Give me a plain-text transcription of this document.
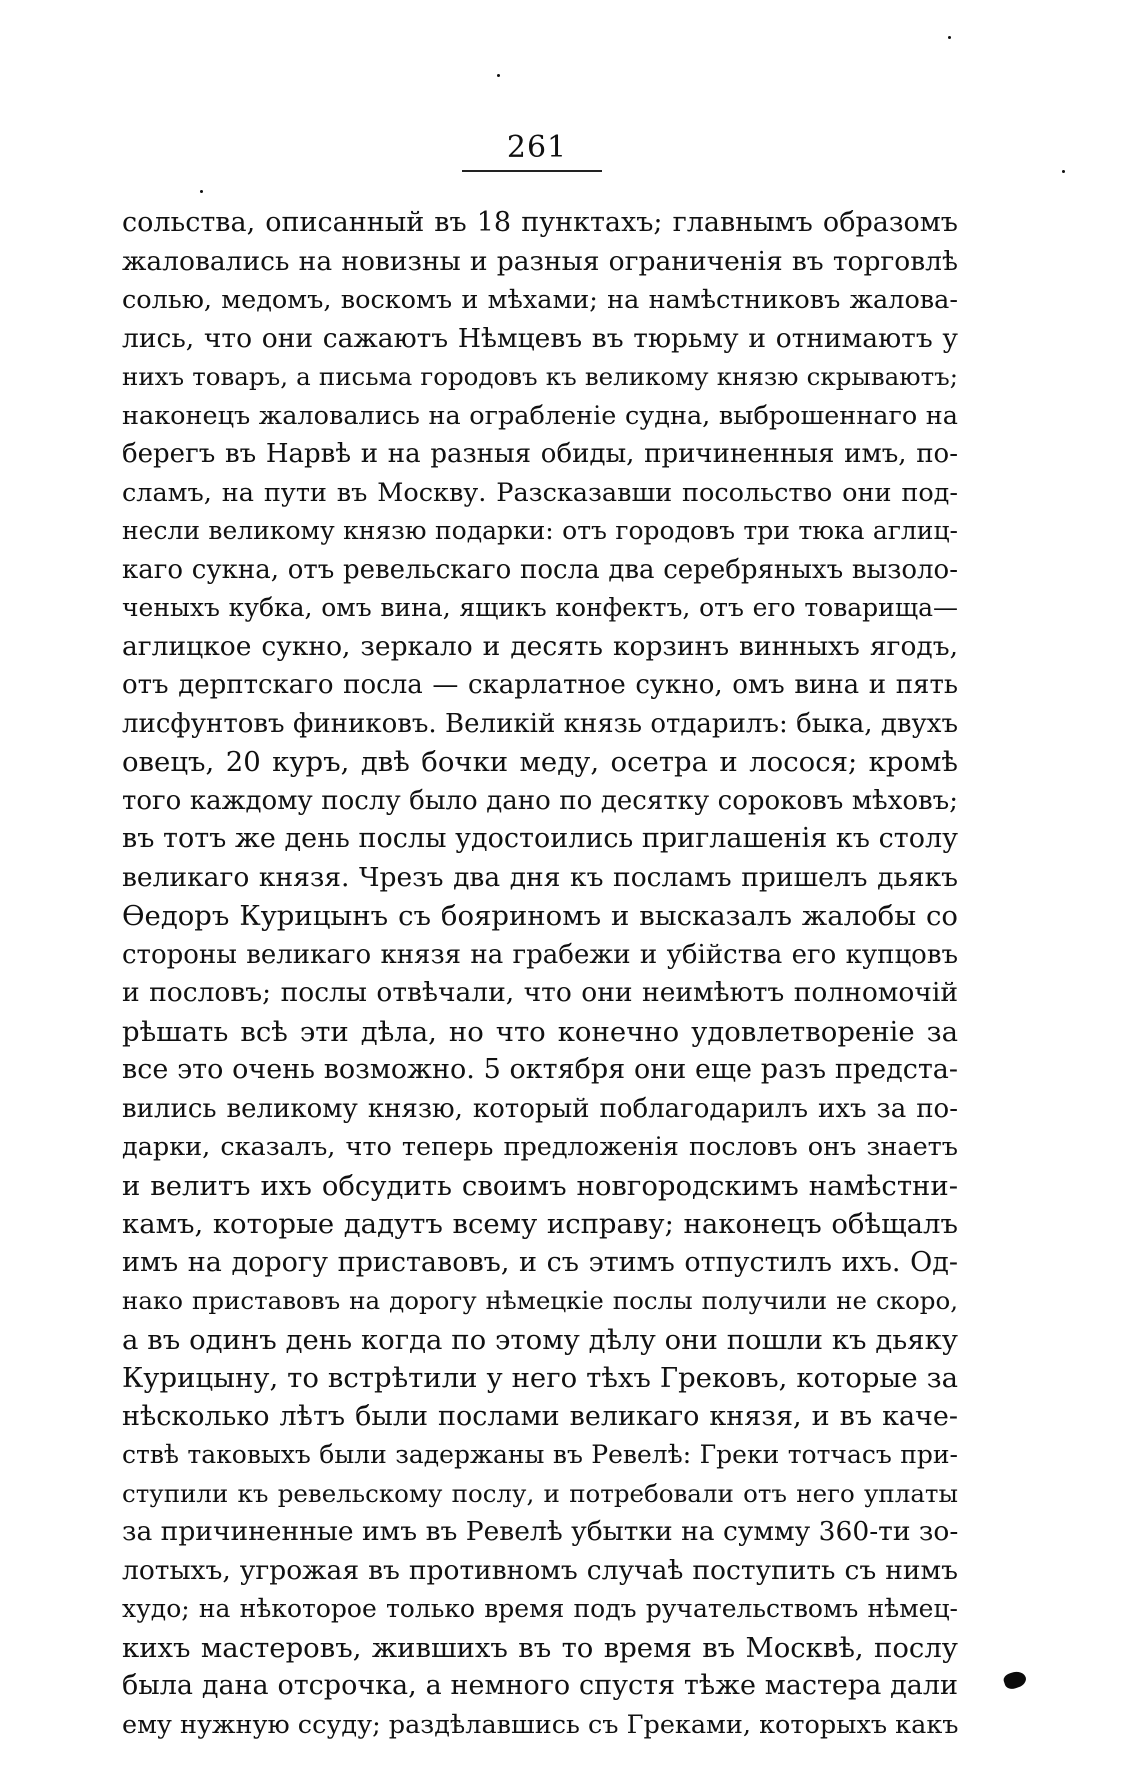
261
сольства, описанный въ 18 пунктахъ; главнымъ образомъ
жаловались на новизны и разныя ограниченія въ торговлѣ
солью, медомъ, воскомъ и мѣхами; на намѣстниковъ жалова-
лись, что они сажаютъ Нѣмцевъ въ тюрьму и отнимаютъ у
нихъ товаръ, а письма городовъ къ великому князю скрываютъ;
наконецъ жаловались на ограбленіе судна, выброшеннаго на
берегъ въ Нарвѣ и на разныя обиды, причиненныя имъ, по-
сламъ, на пути въ Москву. Разсказавши посольство они под-
несли великому князю подарки: отъ городовъ три тюка аглиц-
каго сукна, отъ ревельскаго посла два серебряныхъ вызоло-
ченыхъ кубка, омъ вина, ящикъ конфектъ, отъ его товарища—
аглицкое сукно, зеркало и десять корзинъ винныхъ ягодъ,
отъ дерптскаго посла — скарлатное сукно, омъ вина и пять
лисфунтовъ финиковъ. Великій князь отдарилъ: быка, двухъ
овецъ, 20 куръ, двѣ бочки меду, осетра и лосося; кромѣ
того каждому послу было дано по десятку сороковъ мѣховъ;
въ тотъ же день послы удостоились приглашенія къ столу
великаго князя. Чрезъ два дня къ посламъ пришелъ дьякъ
Ѳедоръ Курицынъ съ бояриномъ и высказалъ жалобы со
стороны великаго князя на грабежи и убійства его купцовъ
и пословъ; послы отвѣчали, что они неимѣютъ полномочій
рѣшать всѣ эти дѣла, но что конечно удовлетвореніе за
все это очень возможно. 5 октября они еще разъ предста-
вились великому князю, который поблагодарилъ ихъ за по-
дарки, сказалъ, что теперь предложенія пословъ онъ знаетъ
и велитъ ихъ обсудить своимъ новгородскимъ намѣстни-
камъ, которые дадутъ всему исправу; наконецъ обѣщалъ
имъ на дорогу приставовъ, и съ этимъ отпустилъ ихъ. Од-
нако приставовъ на дорогу нѣмецкіе послы получили не скоро,
а въ одинъ день когда по этому дѣлу они пошли къ дьяку
Курицыну, то встрѣтили у него тѣхъ Грековъ, которые за
нѣсколько лѣтъ были послами великаго князя, и въ каче-
ствѣ таковыхъ были задержаны въ Ревелѣ: Греки тотчасъ при-
ступили къ ревельскому послу, и потребовали отъ него уплаты
за причиненные имъ въ Ревелѣ убытки на сумму 360-ти зо-
лотыхъ, угрожая въ противномъ случаѣ поступить съ нимъ
худо; на нѣкоторое только время подъ ручательствомъ нѣмец-
кихъ мастеровъ, жившихъ въ то время въ Москвѣ, послу
была дана отсрочка, а немного спустя тѣже мастера дали
ему нужную ссуду; раздѣлавшись съ Греками, которыхъ какъ
